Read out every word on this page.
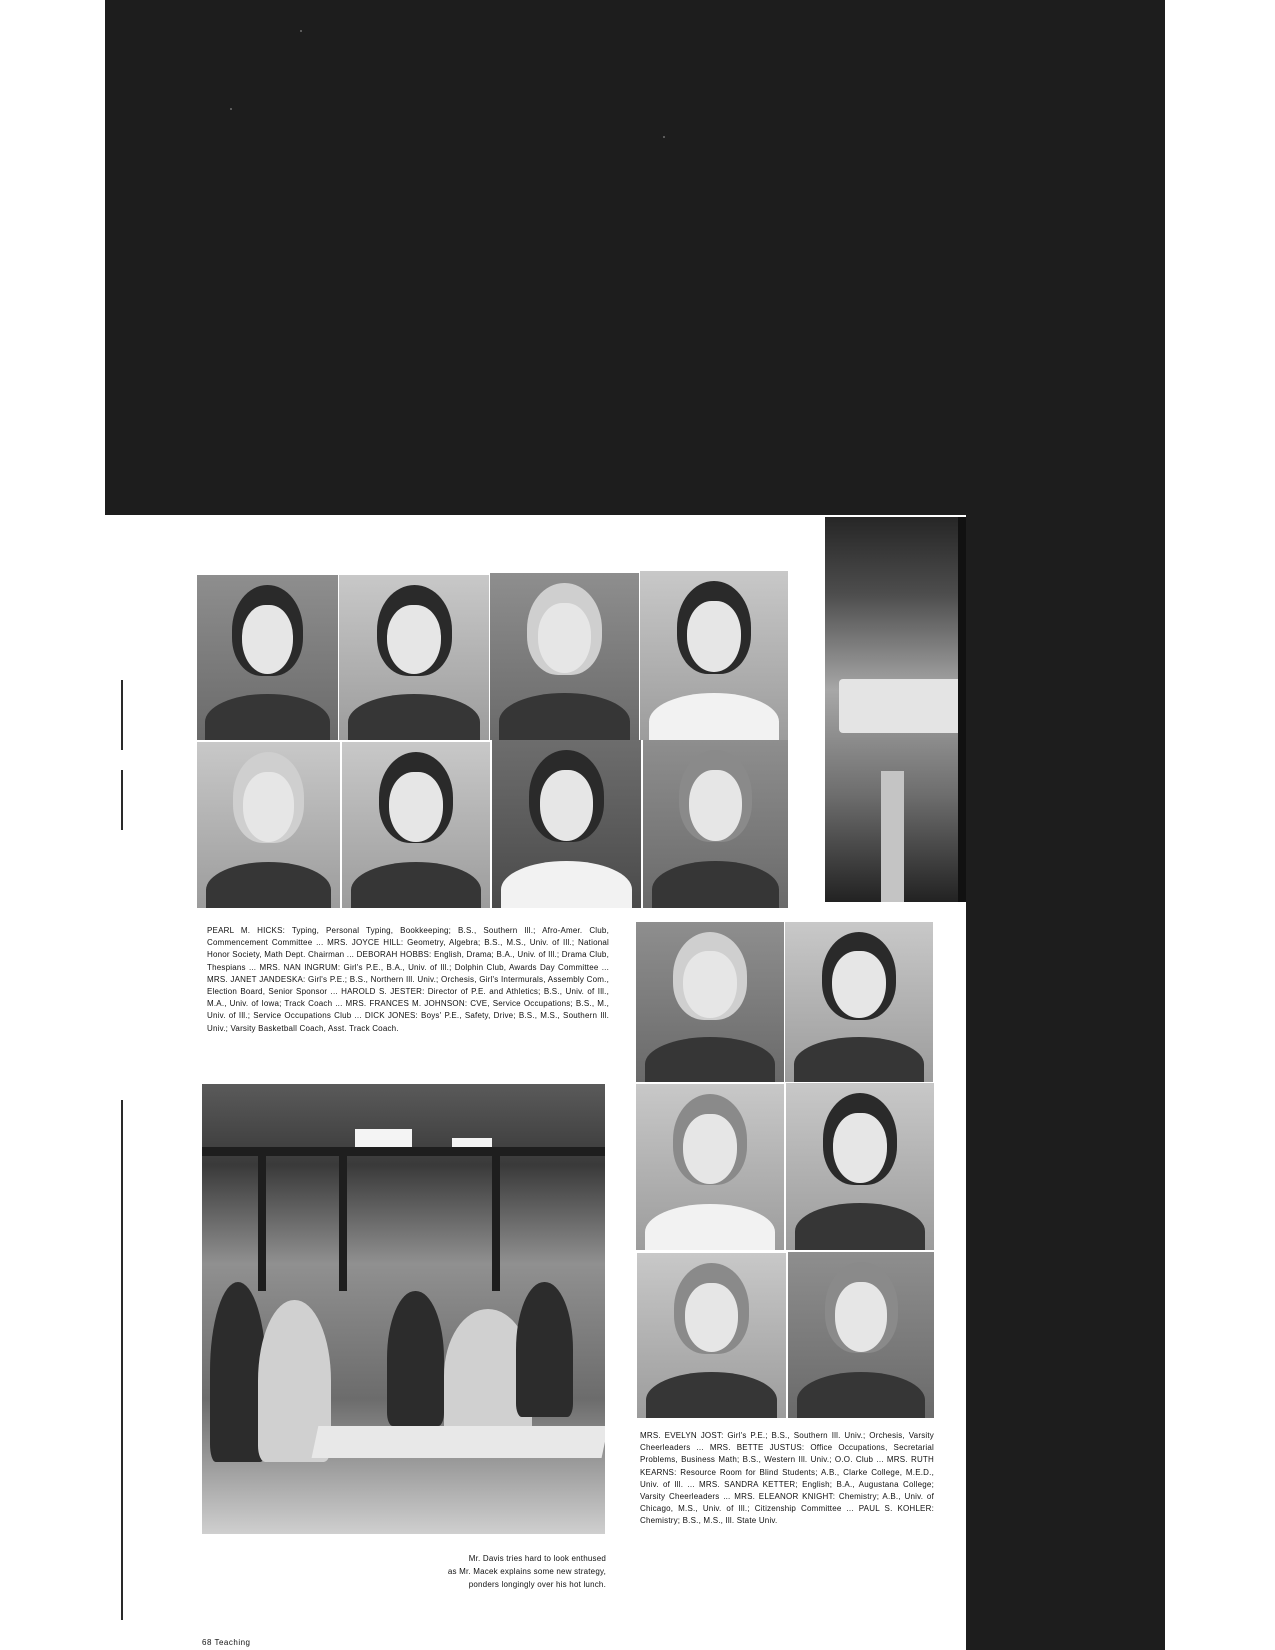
PEARL M. HICKS: Typing, Personal Typing, Bookkeeping; B.S., Southern Ill.; Afro-Amer. Club, Commencement Committee ... MRS. JOYCE HILL: Geometry, Algebra; B.S., M.S., Univ. of Ill.; National Honor Society, Math Dept. Chairman ... DEBORAH HOBBS: English, Drama; B.A., Univ. of Ill.; Drama Club, Thespians ... MRS. NAN INGRUM: Girl's P.E., B.A., Univ. of Ill.; Dolphin Club, Awards Day Committee ... MRS. JANET JANDESKA: Girl's P.E.; B.S., Northern Ill. Univ.; Orchesis, Girl's Intermurals, Assembly Com., Election Board, Senior Sponsor ... HAROLD S. JESTER: Director of P.E. and Athletics; B.S., Univ. of Ill., M.A., Univ. of Iowa; Track Coach ... MRS. FRANCES M. JOHNSON: CVE, Service Occupations; B.S., M., Univ. of Ill.; Service Occupations Club ... DICK JONES: Boys' P.E., Safety, Drive; B.S., M.S., Southern Ill. Univ.; Varsity Basketball Coach, Asst. Track Coach.
Mr. Davis tries hard to look enthused
as Mr. Macek explains some new strategy,
ponders longingly over his hot lunch.
MRS. EVELYN JOST: Girl's P.E.; B.S., Southern Ill. Univ.; Orchesis, Varsity Cheerleaders ... MRS. BETTE JUSTUS: Office Occupations, Secretarial Problems, Business Math; B.S., Western Ill. Univ.; O.O. Club ... MRS. RUTH KEARNS: Resource Room for Blind Students; A.B., Clarke College, M.E.D., Univ. of Ill. ... MRS. SANDRA KETTER; English; B.A., Augustana College; Varsity Cheerleaders ... MRS. ELEANOR KNIGHT: Chemistry; A.B., Univ. of Chicago, M.S., Univ. of Ill.; Citizenship Committee ... PAUL S. KOHLER: Chemistry; B.S., M.S., Ill. State Univ.
68 Teaching
